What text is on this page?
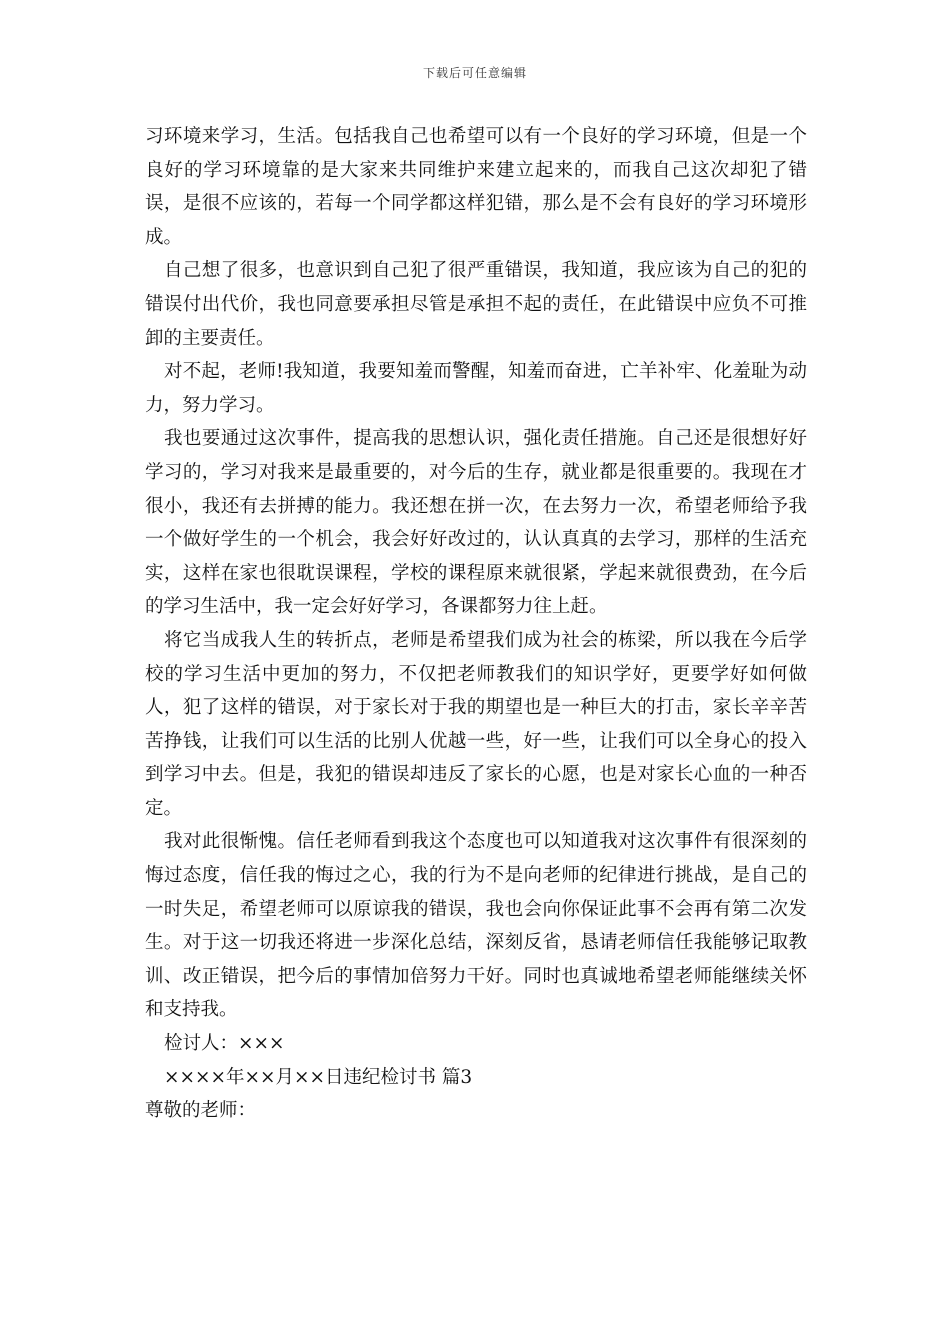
下载后可任意编辑

习环境来学习，生活。包括我自己也希望可以有一个良好的学习环境，但是一个良好的学习环境靠的是大家来共同维护来建立起来的，而我自己这次却犯了错误，是很不应该的，若每一个同学都这样犯错，那么是不会有良好的学习环境形成。

自己想了很多，也意识到自己犯了很严重错误，我知道，我应该为自己的犯的错误付出代价，我也同意要承担尽管是承担不起的责任，在此错误中应负不可推卸的主要责任。

对不起，老师!我知道，我要知羞而警醒，知羞而奋进，亡羊补牢、化羞耻为动力，努力学习。

我也要通过这次事件，提高我的思想认识，强化责任措施。自己还是很想好好学习的，学习对我来是最重要的，对今后的生存，就业都是很重要的。我现在才很小，我还有去拼搏的能力。我还想在拼一次，在去努力一次，希望老师给予我一个做好学生的一个机会，我会好好改过的，认认真真的去学习，那样的生活充实，这样在家也很耽误课程，学校的课程原来就很紧，学起来就很费劲，在今后的学习生活中，我一定会好好学习，各课都努力往上赶。

将它当成我人生的转折点，老师是希望我们成为社会的栋梁，所以我在今后学校的学习生活中更加的努力，不仅把老师教我们的知识学好，更要学好如何做人，犯了这样的错误，对于家长对于我的期望也是一种巨大的打击，家长辛辛苦苦挣钱，让我们可以生活的比别人优越一些，好一些，让我们可以全身心的投入到学习中去。但是，我犯的错误却违反了家长的心愿，也是对家长心血的一种否定。

我对此很惭愧。信任老师看到我这个态度也可以知道我对这次事件有很深刻的悔过态度，信任我的悔过之心，我的行为不是向老师的纪律进行挑战，是自己的一时失足，希望老师可以原谅我的错误，我也会向你保证此事不会再有第二次发生。对于这一切我还将进一步深化总结，深刻反省，恳请老师信任我能够记取教训、改正错误，把今后的事情加倍努力干好。同时也真诚地希望老师能继续关怀和支持我。

检讨人：×××

××××年××月××日违纪检讨书 篇3

尊敬的老师：
